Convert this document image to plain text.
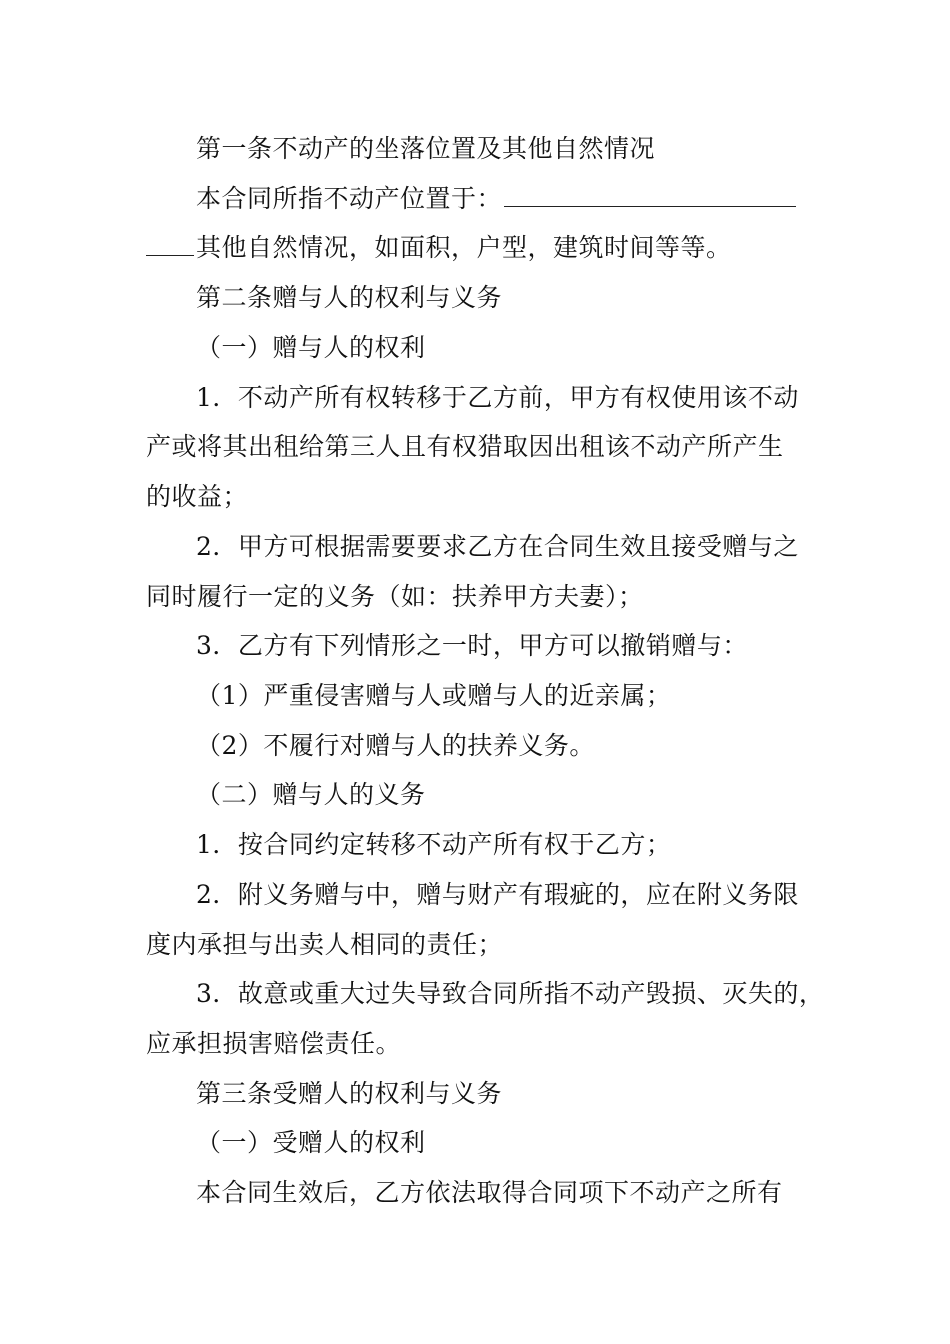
第一条不动产的坐落位置及其他自然情况
本合同所指不动产位置于：
其他自然情况，如面积，户型，建筑时间等等。
第二条赠与人的权利与义务
（一）赠与人的权利
1．不动产所有权转移于乙方前，甲方有权使用该不动
产或将其出租给第三人且有权猎取因出租该不动产所产生
的收益；
2．甲方可根据需要要求乙方在合同生效且接受赠与之
同时履行一定的义务（如：扶养甲方夫妻）；
3．乙方有下列情形之一时，甲方可以撤销赠与：
（1）严重侵害赠与人或赠与人的近亲属；
（2）不履行对赠与人的扶养义务。
（二）赠与人的义务
1．按合同约定转移不动产所有权于乙方；
2．附义务赠与中，赠与财产有瑕疵的，应在附义务限
度内承担与出卖人相同的责任；
3．故意或重大过失导致合同所指不动产毁损、灭失的，
应承担损害赔偿责任。
第三条受赠人的权利与义务
（一）受赠人的权利
本合同生效后，乙方依法取得合同项下不动产之所有
